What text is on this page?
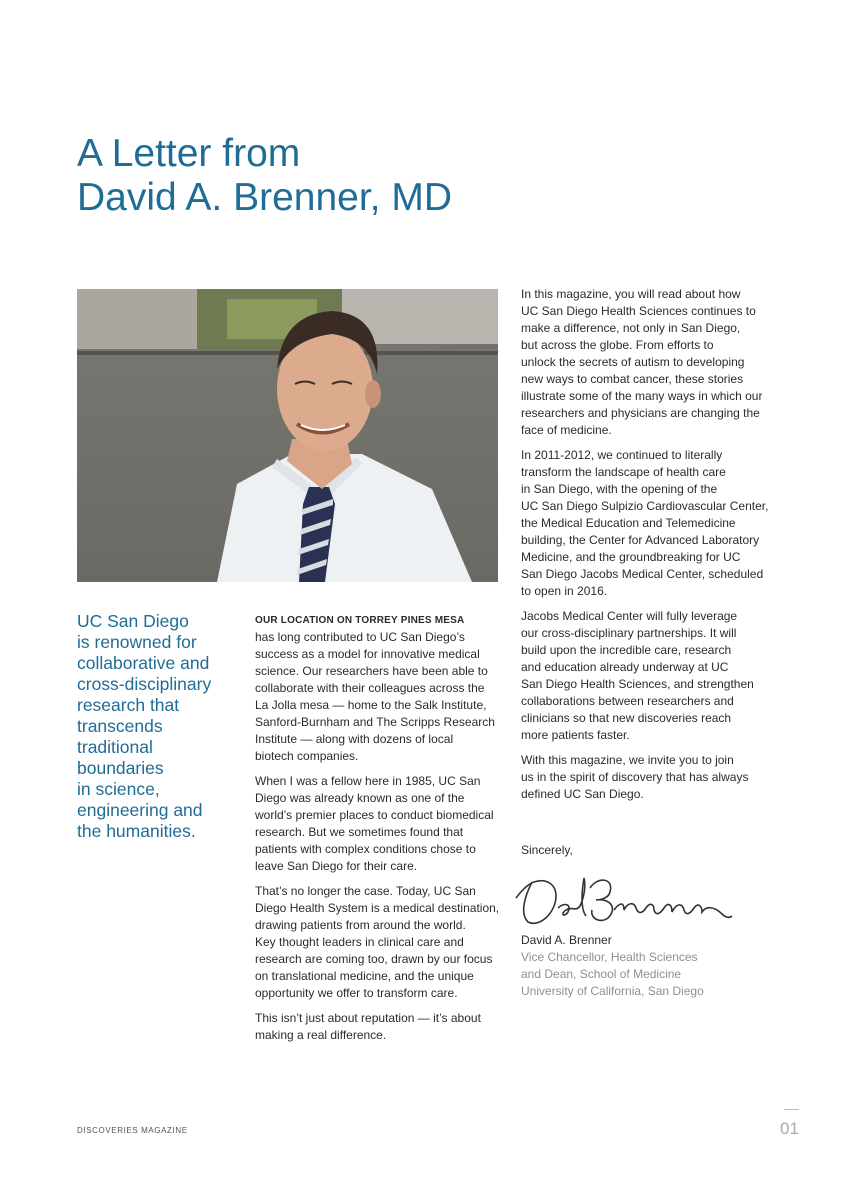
A Letter from
David A. Brenner, MD

UC San Diego
is renowned for
collaborative and
cross-disciplinary
research that
transcends
traditional
boundaries
in science,
engineering and
the humanities.

OUR LOCATION ON TORREY PINES MESA
has long contributed to UC San Diego’s
success as a model for innovative medical
science. Our researchers have been able to
collaborate with their colleagues across the
La Jolla mesa — home to the Salk Institute,
Sanford-Burnham and The Scripps Research
Institute — along with dozens of local
biotech companies.

When I was a fellow here in 1985, UC San
Diego was already known as one of the
world’s premier places to conduct biomedical
research. But we sometimes found that
patients with complex conditions chose to
leave San Diego for their care.

That’s no longer the case. Today, UC San
Diego Health System is a medical destination,
drawing patients from around the world.
Key thought leaders in clinical care and
research are coming too, drawn by our focus
on translational medicine, and the unique
opportunity we offer to transform care.

This isn’t just about reputation — it’s about
making a real difference.

In this magazine, you will read about how
UC San Diego Health Sciences continues to
make a difference, not only in San Diego,
but across the globe. From efforts to
unlock the secrets of autism to developing
new ways to combat cancer, these stories
illustrate some of the many ways in which our
researchers and physicians are changing the
face of medicine.

In 2011-2012, we continued to literally
transform the landscape of health care
in San Diego, with the opening of the
UC San Diego Sulpizio Cardiovascular Center,
the Medical Education and Telemedicine
building, the Center for Advanced Laboratory
Medicine, and the groundbreaking for UC
San Diego Jacobs Medical Center, scheduled
to open in 2016.

Jacobs Medical Center will fully leverage
our cross-disciplinary partnerships. It will
build upon the incredible care, research
and education already underway at UC
San Diego Health Sciences, and strengthen
collaborations between researchers and
clinicians so that new discoveries reach
more patients faster.

With this magazine, we invite you to join
us in the spirit of discovery that has always
defined UC San Diego.

Sincerely,
David A. Brenner
Vice Chancellor, Health Sciences
and Dean, School of Medicine
University of California, San Diego
DISCOVERIES MAGAZINE	01
